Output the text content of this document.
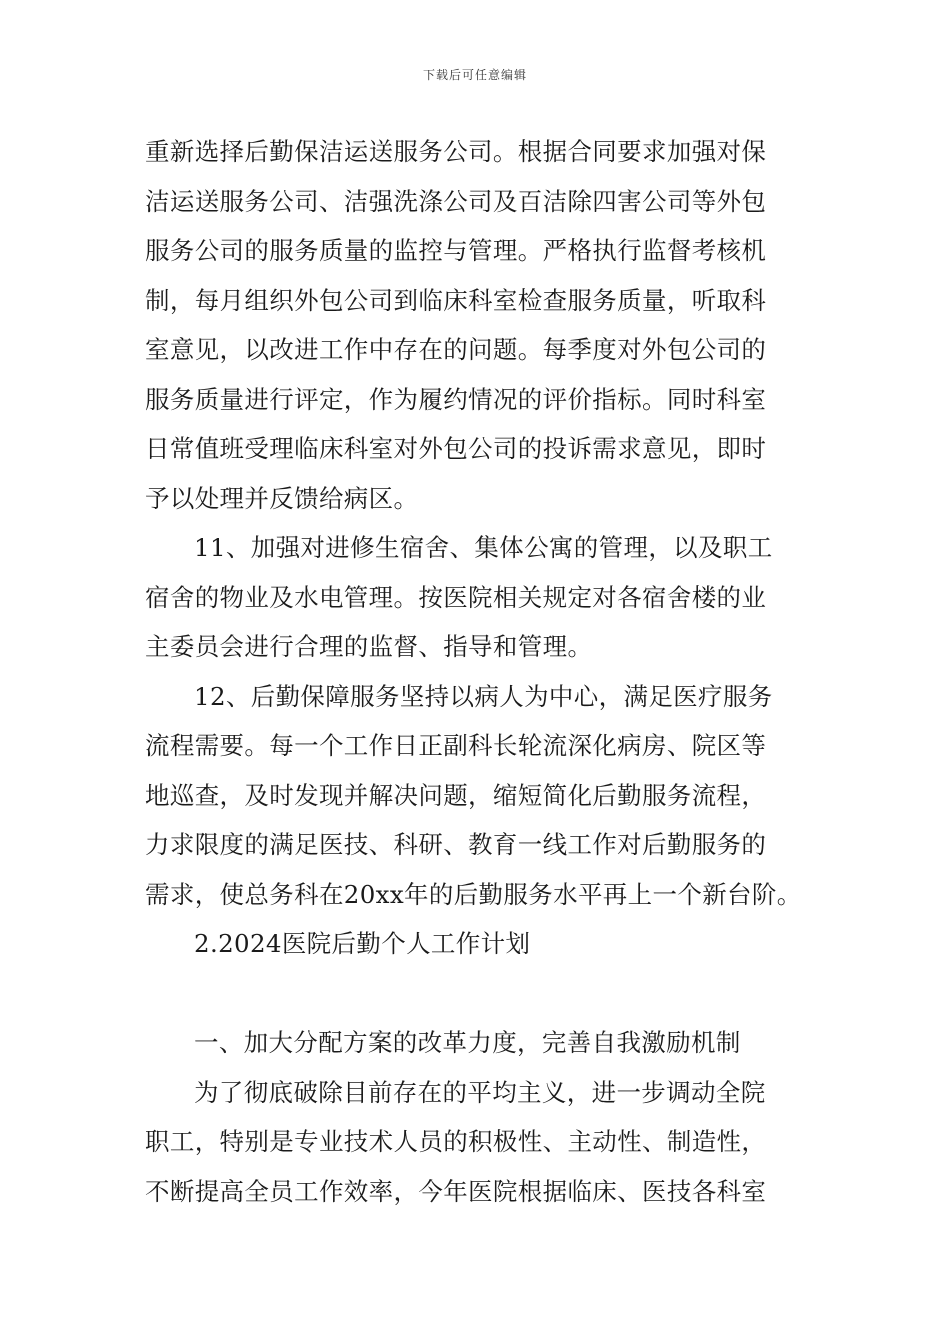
下载后可任意编辑
重新选择后勤保洁运送服务公司。根据合同要求加强对保
洁运送服务公司、洁强洗涤公司及百洁除四害公司等外包
服务公司的服务质量的监控与管理。严格执行监督考核机
制，每月组织外包公司到临床科室检查服务质量，听取科
室意见，以改进工作中存在的问题。每季度对外包公司的
服务质量进行评定，作为履约情况的评价指标。同时科室
日常值班受理临床科室对外包公司的投诉需求意见，即时
予以处理并反馈给病区。
11、加强对进修生宿舍、集体公寓的管理，以及职工
宿舍的物业及水电管理。按医院相关规定对各宿舍楼的业
主委员会进行合理的监督、指导和管理。
12、后勤保障服务坚持以病人为中心，满足医疗服务
流程需要。每一个工作日正副科长轮流深化病房、院区等
地巡查，及时发现并解决问题，缩短简化后勤服务流程，
力求限度的满足医技、科研、教育一线工作对后勤服务的
需求，使总务科在20xx年的后勤服务水平再上一个新台阶。
2.2024医院后勤个人工作计划
一、加大分配方案的改革力度，完善自我激励机制
为了彻底破除目前存在的平均主义，进一步调动全院
职工，特别是专业技术人员的积极性、主动性、制造性，
不断提高全员工作效率，今年医院根据临床、医技各科室
